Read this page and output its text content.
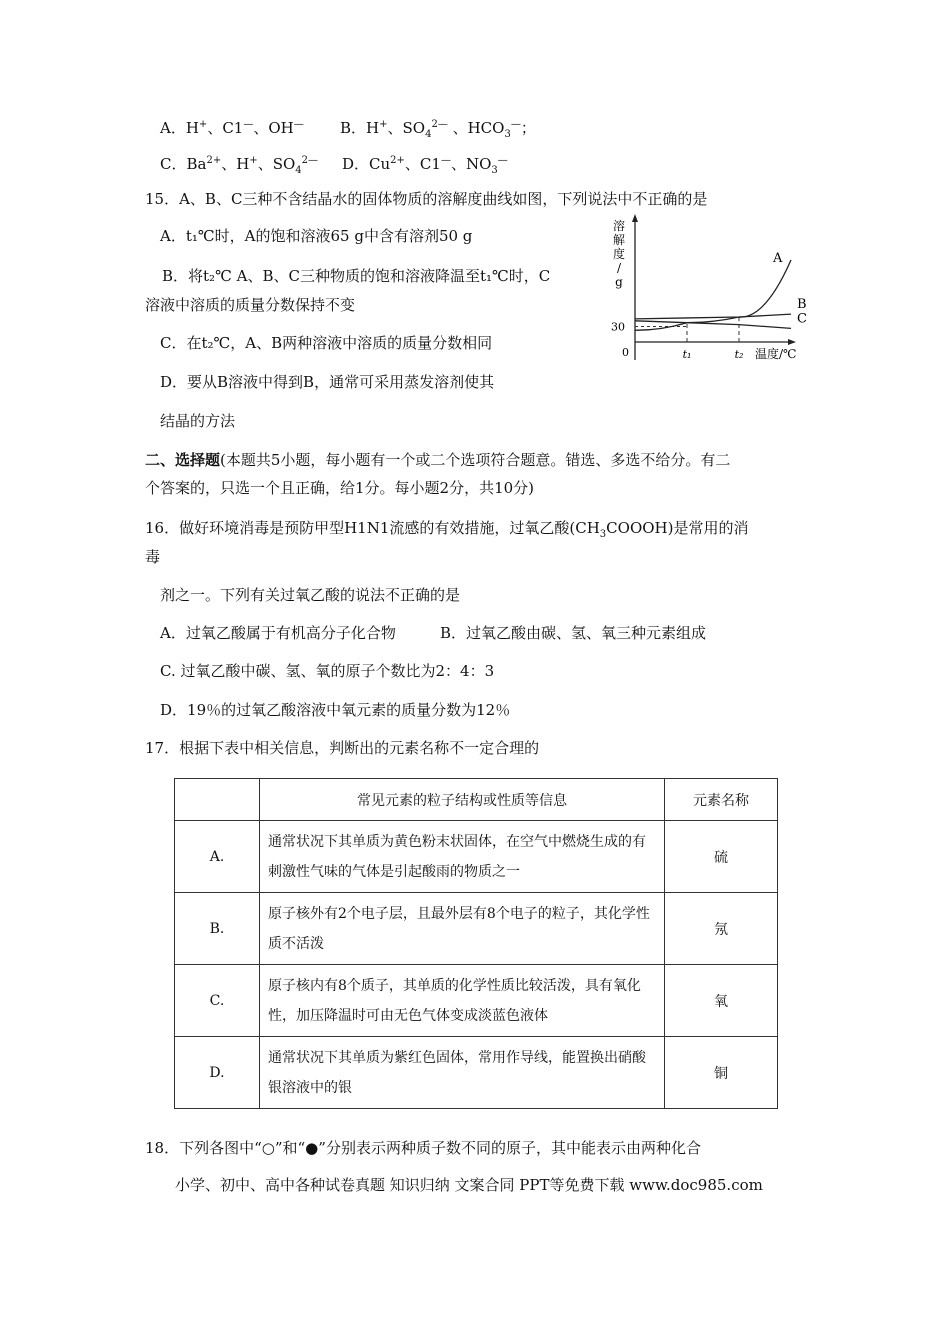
A．H+、C1—、OH— B．H+、$SO_4^{2—}$ 、$HCO_3^—$；
C．$Ba^{2+}$、H+、$SO_4^{2—}$ D．$Cu^{2+}$、C1—、$NO_3^—$
15．A、B、C三种不含结晶水的固体物质的溶解度曲线如图，下列说法中不正确的是
A．t₁℃时，A的饱和溶液65 g中含有溶剂50 g
B．将t₂℃ A、B、C三种物质的饱和溶液降温至t₁℃时，C
溶液中溶质的质量分数保持不变
C．在t₂℃，A、B两种溶液中溶质的质量分数相同
D．要从B溶液中得到B，通常可采用蒸发溶剂使其
结晶的方法
溶
解
度
/
g
0	温度/℃
30
t₁	t₂
A
B
C
二、选择题(本题共5小题，每小题有一个或二个选项符合题意。错选、多选不给分。有二
个答案的，只选一个且正确，给1分。每小题2分，共10分)
16．做好环境消毒是预防甲型H1N1流感的有效措施，过氧乙酸$(CH_3COOOH)$是常用的消
毒
剂之一。下列有关过氧乙酸的说法不正确的是
A．过氧乙酸属于有机高分子化合物	B．过氧乙酸由碳、氢、氧三种元素组成
C. 过氧乙酸中碳、氢、氧的原子个数比为2：4：3
D．19％的过氧乙酸溶液中氧元素的质量分数为12％
17．根据下表中相关信息，判断出的元素名称不一定合理的
	常见元素的粒子结构或性质等信息	元素名称
A.	通常状况下其单质为黄色粉末状固体，在空气中燃烧生成的有刺激性气味的气体是引起酸雨的物质之一	硫
B.	原子核外有2个电子层，且最外层有8个电子的粒子，其化学性质不活泼	氖
C.	原子核内有8个质子，其单质的化学性质比较活泼，具有氧化性，加压降温时可由无色气体变成淡蓝色液体	氧
D.	通常状况下其单质为紫红色固体，常用作导线，能置换出硝酸银溶液中的银	铜
18．下列各图中“○”和“●”分别表示两种质子数不同的原子，其中能表示由两种化合
小学、初中、高中各种试卷真题 知识归纳 文案合同 PPT等免费下载 www.doc985.com
